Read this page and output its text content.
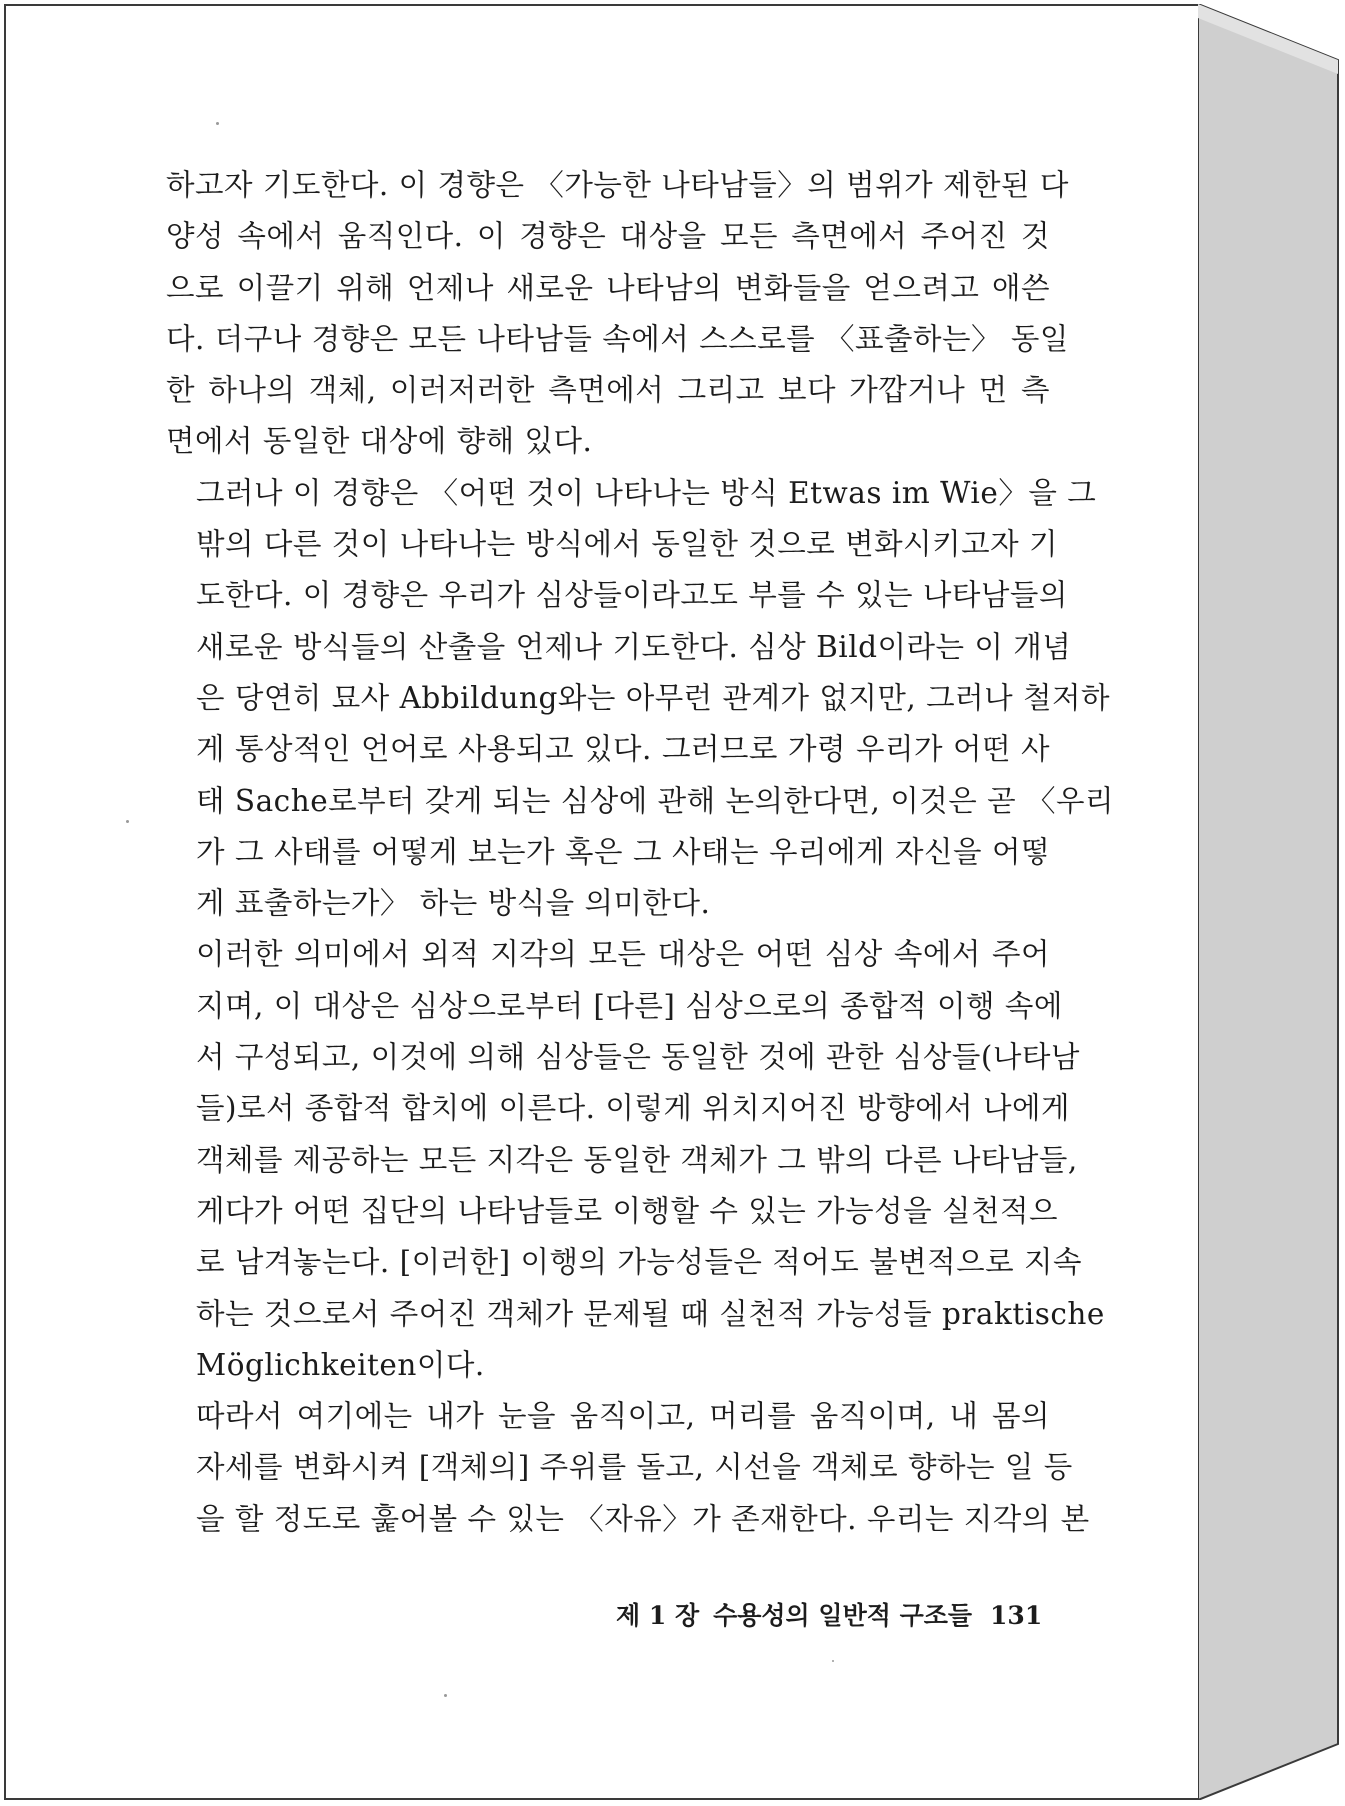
하고자 기도한다. 이 경향은 〈가능한 나타남들〉의 범위가 제한된 다
양성 속에서 움직인다. 이 경향은 대상을 모든 측면에서 주어진 것
으로 이끌기 위해 언제나 새로운 나타남의 변화들을 얻으려고 애쓴
다. 더구나 경향은 모든 나타남들 속에서 스스로를 〈표출하는〉 동일
한 하나의 객체, 이러저러한 측면에서 그리고 보다 가깝거나 먼 측
면에서 동일한 대상에 향해 있다.
그러나 이 경향은 〈어떤 것이 나타나는 방식 Etwas im Wie〉을 그
밖의 다른 것이 나타나는 방식에서 동일한 것으로 변화시키고자 기
도한다. 이 경향은 우리가 심상들이라고도 부를 수 있는 나타남들의
새로운 방식들의 산출을 언제나 기도한다. 심상 Bild이라는 이 개념
은 당연히 묘사 Abbildung와는 아무런 관계가 없지만, 그러나 철저하
게 통상적인 언어로 사용되고 있다. 그러므로 가령 우리가 어떤 사
태 Sache로부터 갖게 되는 심상에 관해 논의한다면, 이것은 곧 〈우리
가 그 사태를 어떻게 보는가 혹은 그 사태는 우리에게 자신을 어떻
게 표출하는가〉 하는 방식을 의미한다.
이러한 의미에서 외적 지각의 모든 대상은 어떤 심상 속에서 주어
지며, 이 대상은 심상으로부터 [다른] 심상으로의 종합적 이행 속에
서 구성되고, 이것에 의해 심상들은 동일한 것에 관한 심상들(나타남
들)로서 종합적 합치에 이른다. 이렇게 위치지어진 방향에서 나에게
객체를 제공하는 모든 지각은 동일한 객체가 그 밖의 다른 나타남들,
게다가 어떤 집단의 나타남들로 이행할 수 있는 가능성을 실천적으
로 남겨놓는다. [이러한] 이행의 가능성들은 적어도 불변적으로 지속
하는 것으로서 주어진 객체가 문제될 때 실천적 가능성들 praktische
Möglichkeiten이다.
따라서 여기에는 내가 눈을 움직이고, 머리를 움직이며, 내 몸의
자세를 변화시켜 [객체의] 주위를 돌고, 시선을 객체로 향하는 일 등
을 할 정도로 훑어볼 수 있는 〈자유〉가 존재한다. 우리는 지각의 본
제 1 장 수용성의 일반적 구조들 131
